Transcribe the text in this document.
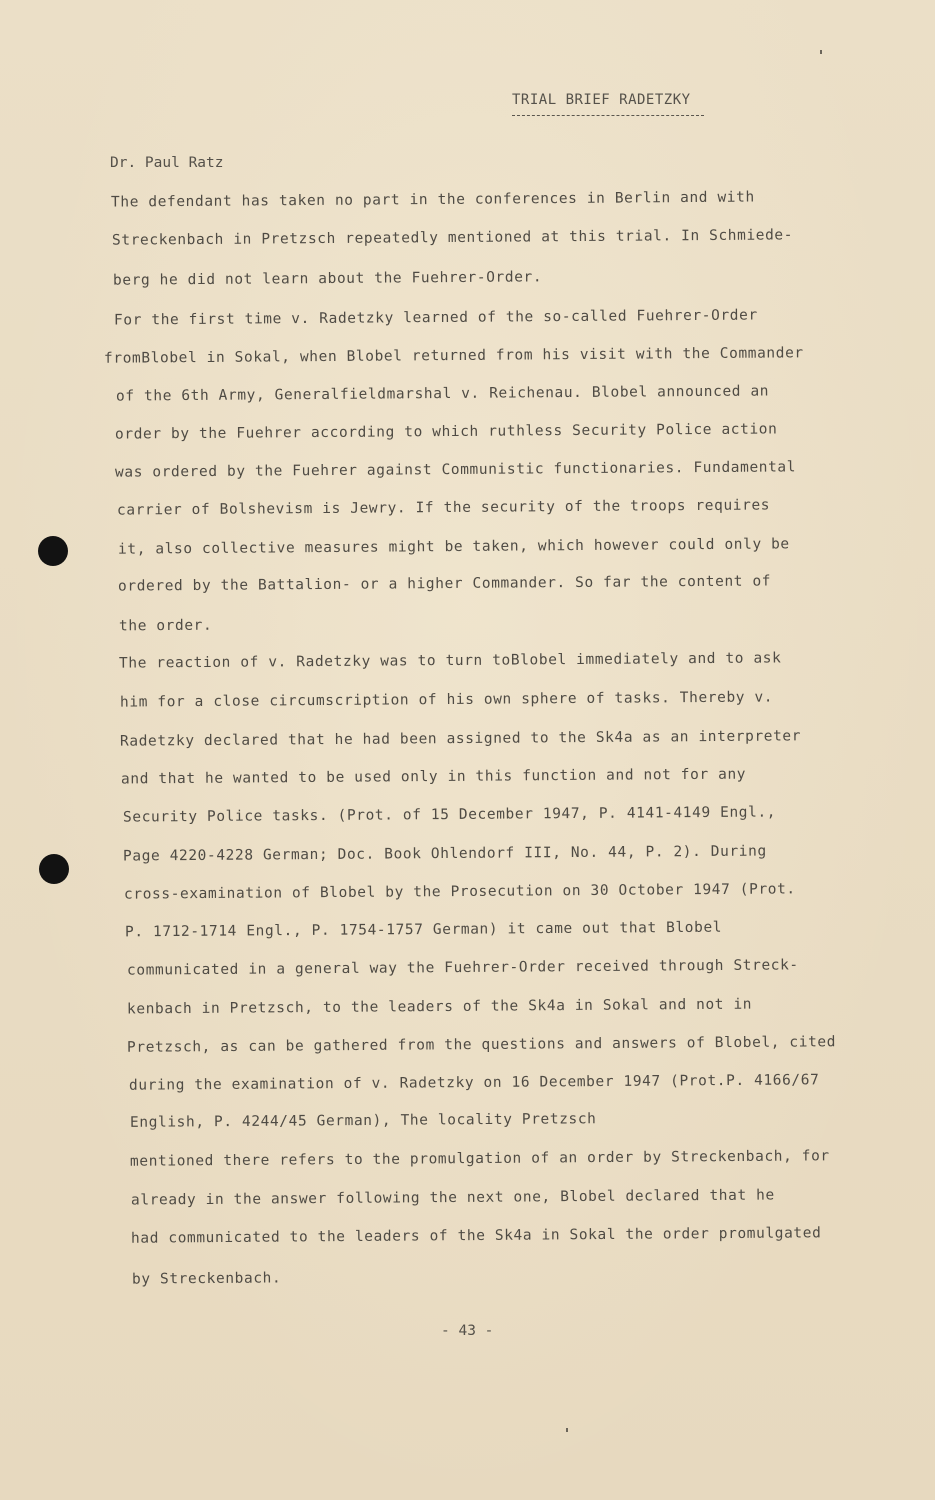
TRIAL BRIEF RADETZKY
Dr. Paul Ratz
The defendant has taken no part in the conferences in Berlin and with
Streckenbach in Pretzsch repeatedly mentioned at this trial. In Schmiede-
berg he did not learn about the Fuehrer-Order.
For the first time v. Radetzky learned of the so-called Fuehrer-Order
fromBlobel in Sokal, when Blobel returned from his visit with the Commander
of the 6th Army, Generalfieldmarshal v. Reichenau. Blobel announced an
order by the Fuehrer according to which ruthless Security Police action
was ordered by the Fuehrer against Communistic functionaries. Fundamental
carrier of Bolshevism is Jewry. If the security of the troops requires
it, also collective measures might be taken, which however could only be
ordered by the Battalion- or a higher Commander. So far the content of
the order.
The reaction of v. Radetzky was to turn toBlobel immediately and to ask
him for a close circumscription of his own sphere of tasks. Thereby v.
Radetzky declared that he had been assigned to the Sk4a as an interpreter
and that he wanted to be used only in this function and not for any
Security Police tasks. (Prot. of 15 December 1947, P. 4141-4149 Engl.,
Page 4220-4228 German; Doc. Book Ohlendorf III, No. 44, P. 2). During
cross-examination of Blobel by the Prosecution on 30 October 1947 (Prot.
P. 1712-1714 Engl., P. 1754-1757 German) it came out that Blobel
communicated in a general way the Fuehrer-Order received through Streck-
kenbach in Pretzsch, to the leaders of the Sk4a in Sokal and not in
Pretzsch, as can be gathered from the questions and answers of Blobel, cited
during the examination of v. Radetzky on 16 December 1947 (Prot.P. 4166/67
English, P. 4244/45 German), The locality Pretzsch
mentioned there refers to the promulgation of an order by Streckenbach, for
already in the answer following the next one, Blobel declared that he
had communicated to the leaders of the Sk4a in Sokal the order promulgated
by Streckenbach.
- 43 -
